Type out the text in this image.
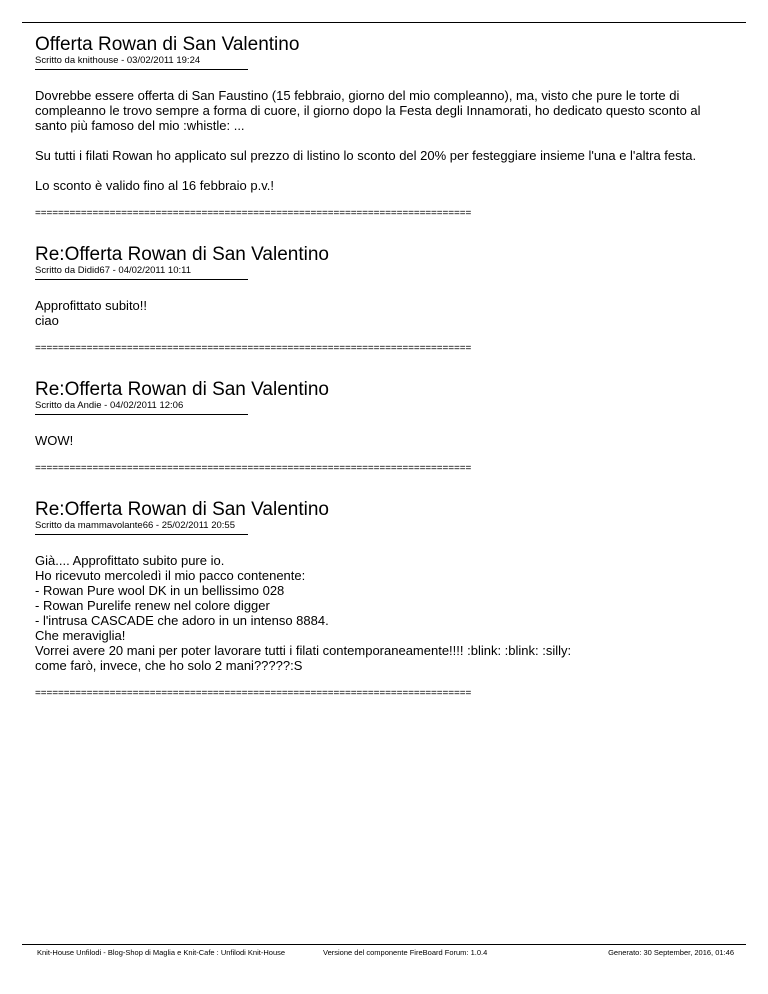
Offerta Rowan di San Valentino
Scritto da knithouse - 03/02/2011 19:24

Dovrebbe essere offerta di San Faustino (15 febbraio, giorno del mio compleanno), ma, visto che pure le torte di compleanno le trovo sempre a forma di cuore, il giorno dopo la Festa degli Innamorati, ho dedicato questo sconto al santo più famoso del mio :whistle: ...

Su tutti i filati Rowan ho applicato sul prezzo di listino lo sconto del 20% per festeggiare insieme l'una e l'altra festa.

Lo sconto è valido fino al 16 febbraio p.v.!

============================================================================
Re:Offerta Rowan di San Valentino
Scritto da Didid67 - 04/02/2011 10:11

Approfittato subito!!
ciao

============================================================================
Re:Offerta Rowan di San Valentino
Scritto da Andie - 04/02/2011 12:06

WOW!

============================================================================
Re:Offerta Rowan di San Valentino
Scritto da mammavolante66 - 25/02/2011 20:55

Già.... Approfittato subito pure io.
Ho ricevuto mercoledì il mio pacco contenente:
- Rowan Pure wool DK in un bellissimo 028
- Rowan Purelife renew nel colore digger
- l'intrusa CASCADE che adoro in un intenso 8884.
Che meraviglia!
Vorrei avere 20 mani per poter lavorare tutti i filati contemporaneamente!!!! :blink: :blink: :silly:
come farò, invece, che ho solo 2 mani?????:S

============================================================================
Knit-House Unfilodi - Blog-Shop di Maglia e Knit-Cafe : Unfilodi Knit-House	Versione del componente FireBoard Forum: 1.0.4	Generato: 30 September, 2016, 01:46
